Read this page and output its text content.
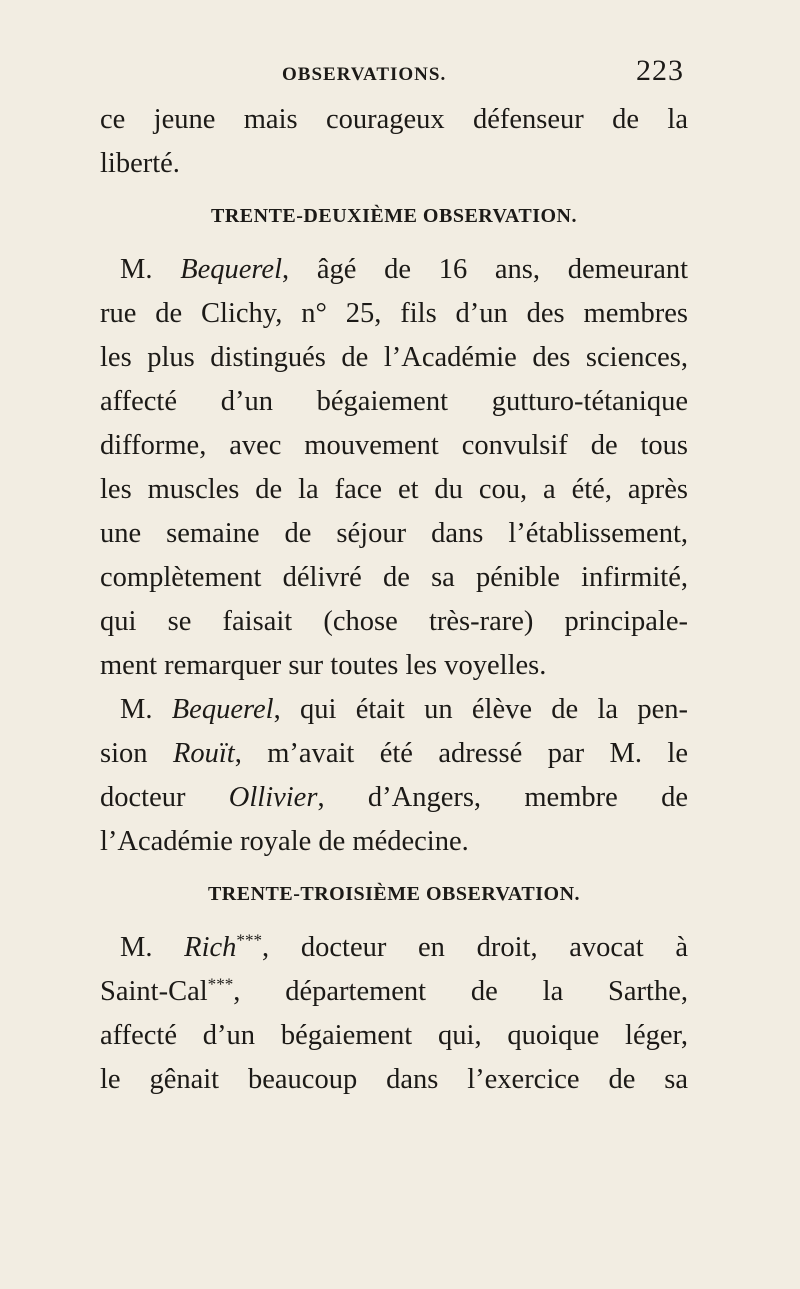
OBSERVATIONS.	223
ce jeune mais courageux défenseur de la
liberté.
TRENTE-DEUXIÈME OBSERVATION.
M. Bequerel, âgé de 16 ans, demeurant
rue de Clichy, n° 25, fils d’un des membres
les plus distingués de l’Académie des sciences,
affecté d’un bégaiement gutturo-tétanique
difforme, avec mouvement convulsif de tous
les muscles de la face et du cou, a été, après
une semaine de séjour dans l’établissement,
complètement délivré de sa pénible infirmité,
qui se faisait (chose très-rare) principale-
ment remarquer sur toutes les voyelles.
M. Bequerel, qui était un élève de la pen-
sion Rouït, m’avait été adressé par M. le
docteur Ollivier, d’Angers, membre de
l’Académie royale de médecine.
TRENTE-TROISIÈME OBSERVATION.
M. Rich***, docteur en droit, avocat à
Saint-Cal***, département de la Sarthe,
affecté d’un bégaiement qui, quoique léger,
le gênait beaucoup dans l’exercice de sa
